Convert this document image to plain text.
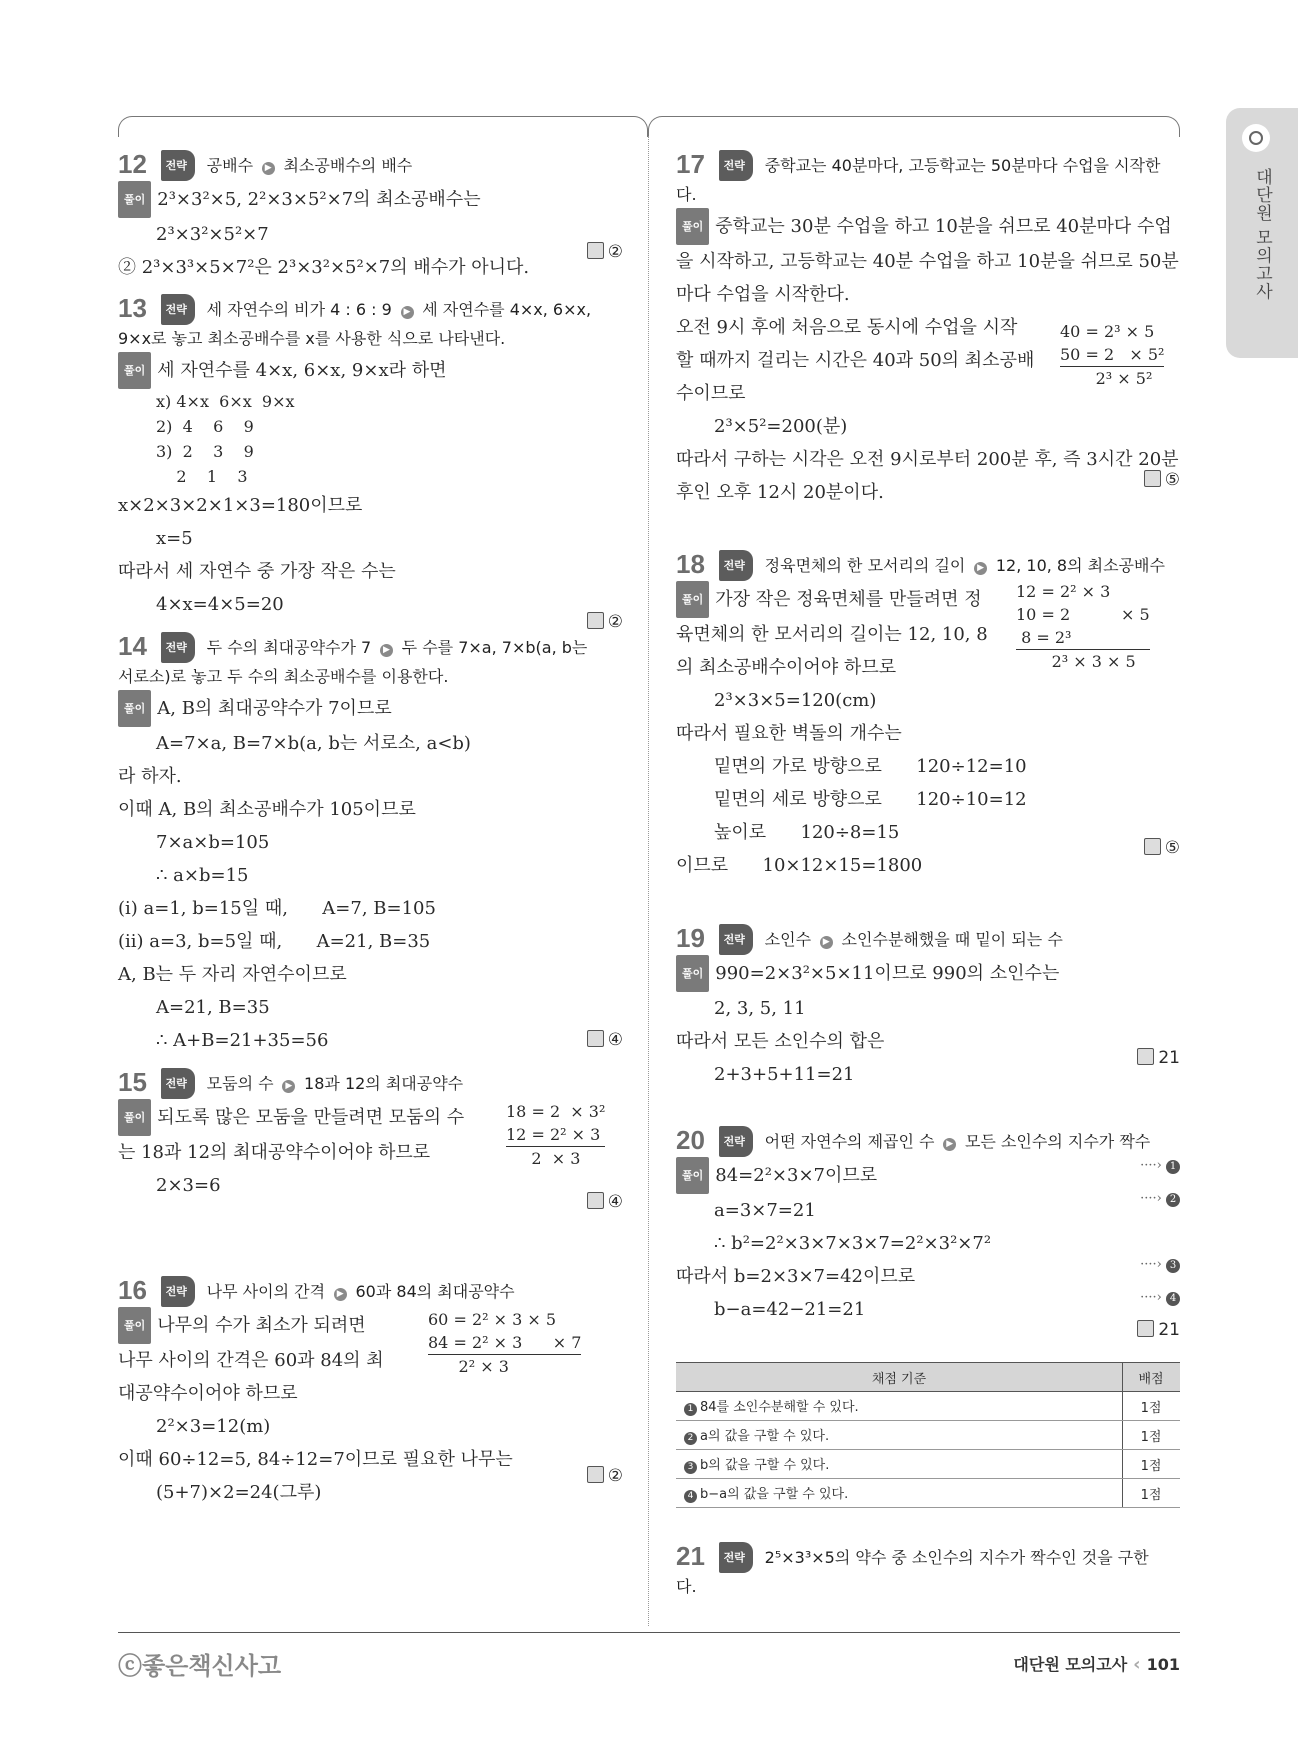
대단원 모의고사
12 전략 공배수 ▶ 최소공배수의 배수
풀이 2³×3²×5, 2²×3×5²×7의 최소공배수는
2³×3²×5²×7
② 2³×3³×5×7²은 2³×3²×5²×7의 배수가 아니다.
②
13 전략 세 자연수의 비가 4 : 6 : 9 ▶ 세 자연수를 4×x, 6×x,
9×x로 놓고 최소공배수를 x를 사용한 식으로 나타낸다.
풀이 세 자연수를 4×x, 6×x, 9×x라 하면
x) 4×x  6×x  9×x
2)  4    6    9
3)  2    3    9
2    1    3
x×2×3×2×1×3=180이므로
x=5
따라서 세 자연수 중 가장 작은 수는
4×x=4×5=20
②
14 전략 두 수의 최대공약수가 7 ▶ 두 수를 7×a, 7×b(a, b는
서로소)로 놓고 두 수의 최소공배수를 이용한다.
풀이 A, B의 최대공약수가 7이므로
A=7×a, B=7×b(a, b는 서로소, a<b)
라 하자.
이때 A, B의 최소공배수가 105이므로
7×a×b=105
∴ a×b=15
(ⅰ) a=1, b=15일 때,      A=7, B=105
(ⅱ) a=3, b=5일 때,      A=21, B=35
A, B는 두 자리 자연수이므로
A=21, B=35
∴ A+B=21+35=56	④
15 전략 모둠의 수 ▶ 18과 12의 최대공약수
풀이 되도록 많은 모둠을 만들려면 모둠의 수
는 18과 12의 최대공약수이어야 하므로
2×3=6
18 = 2  × 3²
12 = 2² × 3
2  × 3
④
16 전략 나무 사이의 간격 ▶ 60과 84의 최대공약수
풀이 나무의 수가 최소가 되려면
나무 사이의 간격은 60과 84의 최
대공약수이어야 하므로
2²×3=12(m)
이때 60÷12=5, 84÷12=7이므로 필요한 나무는
(5+7)×2=24(그루)
60 = 2² × 3 × 5
84 = 2² × 3      × 7
2² × 3
②
17 전략 중학교는 40분마다, 고등학교는 50분마다 수업을 시작한
다.
풀이 중학교는 30분 수업을 하고 10분을 쉬므로 40분마다 수업
을 시작하고, 고등학교는 40분 수업을 하고 10분을 쉬므로 50분
마다 수업을 시작한다.
오전 9시 후에 처음으로 동시에 수업을 시작
할 때까지 걸리는 시간은 40과 50의 최소공배
수이므로
2³×5²=200(분)
따라서 구하는 시각은 오전 9시로부터 200분 후, 즉 3시간 20분
후인 오후 12시 20분이다.
40 = 2³ × 5
50 = 2   × 5²
2³ × 5²
⑤
18 전략 정육면체의 한 모서리의 길이 ▶ 12, 10, 8의 최소공배수
풀이 가장 작은 정육면체를 만들려면 정
육면체의 한 모서리의 길이는 12, 10, 8
의 최소공배수이어야 하므로
2³×3×5=120(cm)
따라서 필요한 벽돌의 개수는
밑면의 가로 방향으로      120÷12=10
밑면의 세로 방향으로      120÷10=12
높이로      120÷8=15
이므로      10×12×15=1800
12 = 2² × 3
10 = 2          × 5
8 = 2³
2³ × 3 × 5
⑤
19 전략 소인수 ▶ 소인수분해했을 때 밑이 되는 수
풀이 990=2×3²×5×11이므로 990의 소인수는
2, 3, 5, 11
따라서 모든 소인수의 합은
2+3+5+11=21
21
20 전략 어떤 자연수의 제곱인 수 ▶ 모든 소인수의 지수가 짝수
풀이 84=2²×3×7이므로
a=3×7=21
∴ b²=2²×3×7×3×7=2²×3²×7²
따라서 b=2×3×7=42이므로
b−a=42−21=21
····› 1
····› 2
····› 3
····› 4
21
채점 기준	배점
1 84를 소인수분해할 수 있다.	1점
2 a의 값을 구할 수 있다.	1점
3 b의 값을 구할 수 있다.	1점
4 b−a의 값을 구할 수 있다.	1점
21 전략 2⁵×3³×5의 약수 중 소인수의 지수가 짝수인 것을 구한
다.
ⓒ좋은책신사고	대단원 모의고사 ‹ 101
